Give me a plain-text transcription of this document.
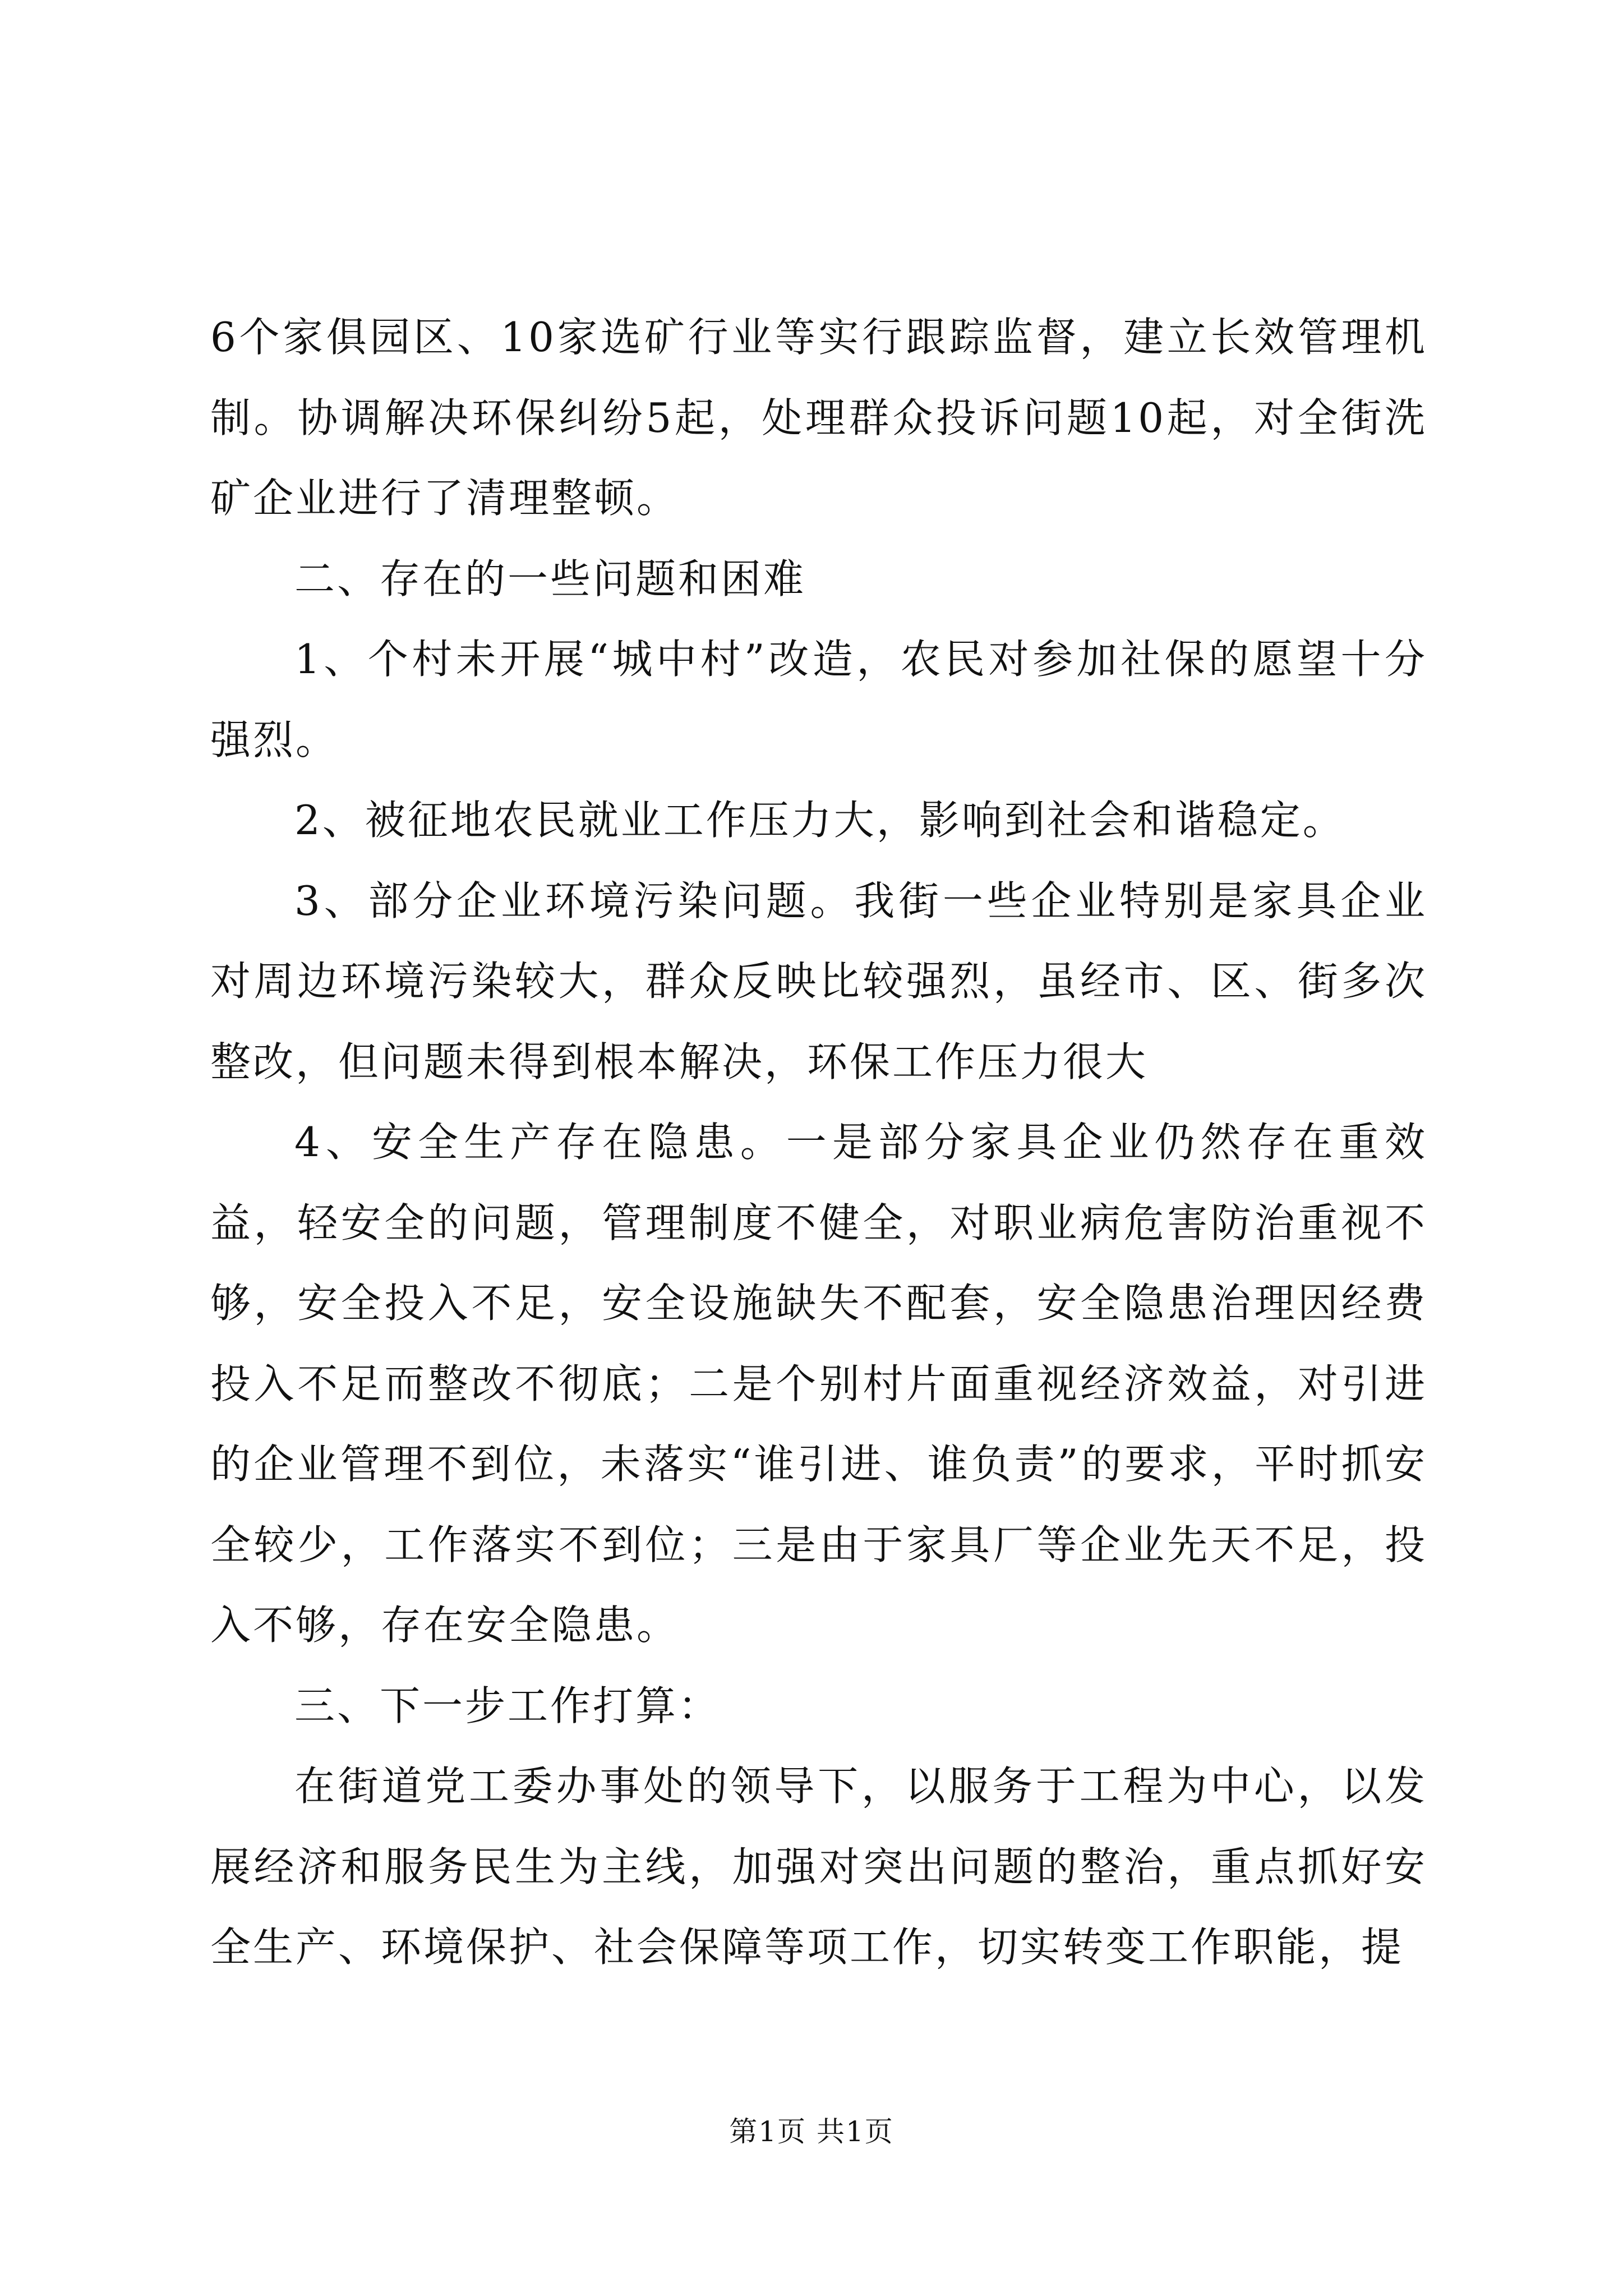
6个家俱园区、10家选矿行业等实行跟踪监督，建立长效管理机制。协调解决环保纠纷5起，处理群众投诉问题10起，对全街洗矿企业进行了清理整顿。

二、存在的一些问题和困难

1、个村未开展“城中村”改造，农民对参加社保的愿望十分强烈。

2、被征地农民就业工作压力大，影响到社会和谐稳定。

3、部分企业环境污染问题。我街一些企业特别是家具企业对周边环境污染较大，群众反映比较强烈，虽经市、区、街多次整改，但问题未得到根本解决，环保工作压力很大

4、安全生产存在隐患。一是部分家具企业仍然存在重效益，轻安全的问题，管理制度不健全，对职业病危害防治重视不够，安全投入不足，安全设施缺失不配套，安全隐患治理因经费投入不足而整改不彻底；二是个别村片面重视经济效益，对引进的企业管理不到位，未落实“谁引进、谁负责”的要求，平时抓安全较少，工作落实不到位；三是由于家具厂等企业先天不足，投入不够，存在安全隐患。

三、下一步工作打算：

在街道党工委办事处的领导下，以服务于工程为中心，以发展经济和服务民生为主线，加强对突出问题的整治，重点抓好安全生产、环境保护、社会保障等项工作，切实转变工作职能，提

第1页 共1页
